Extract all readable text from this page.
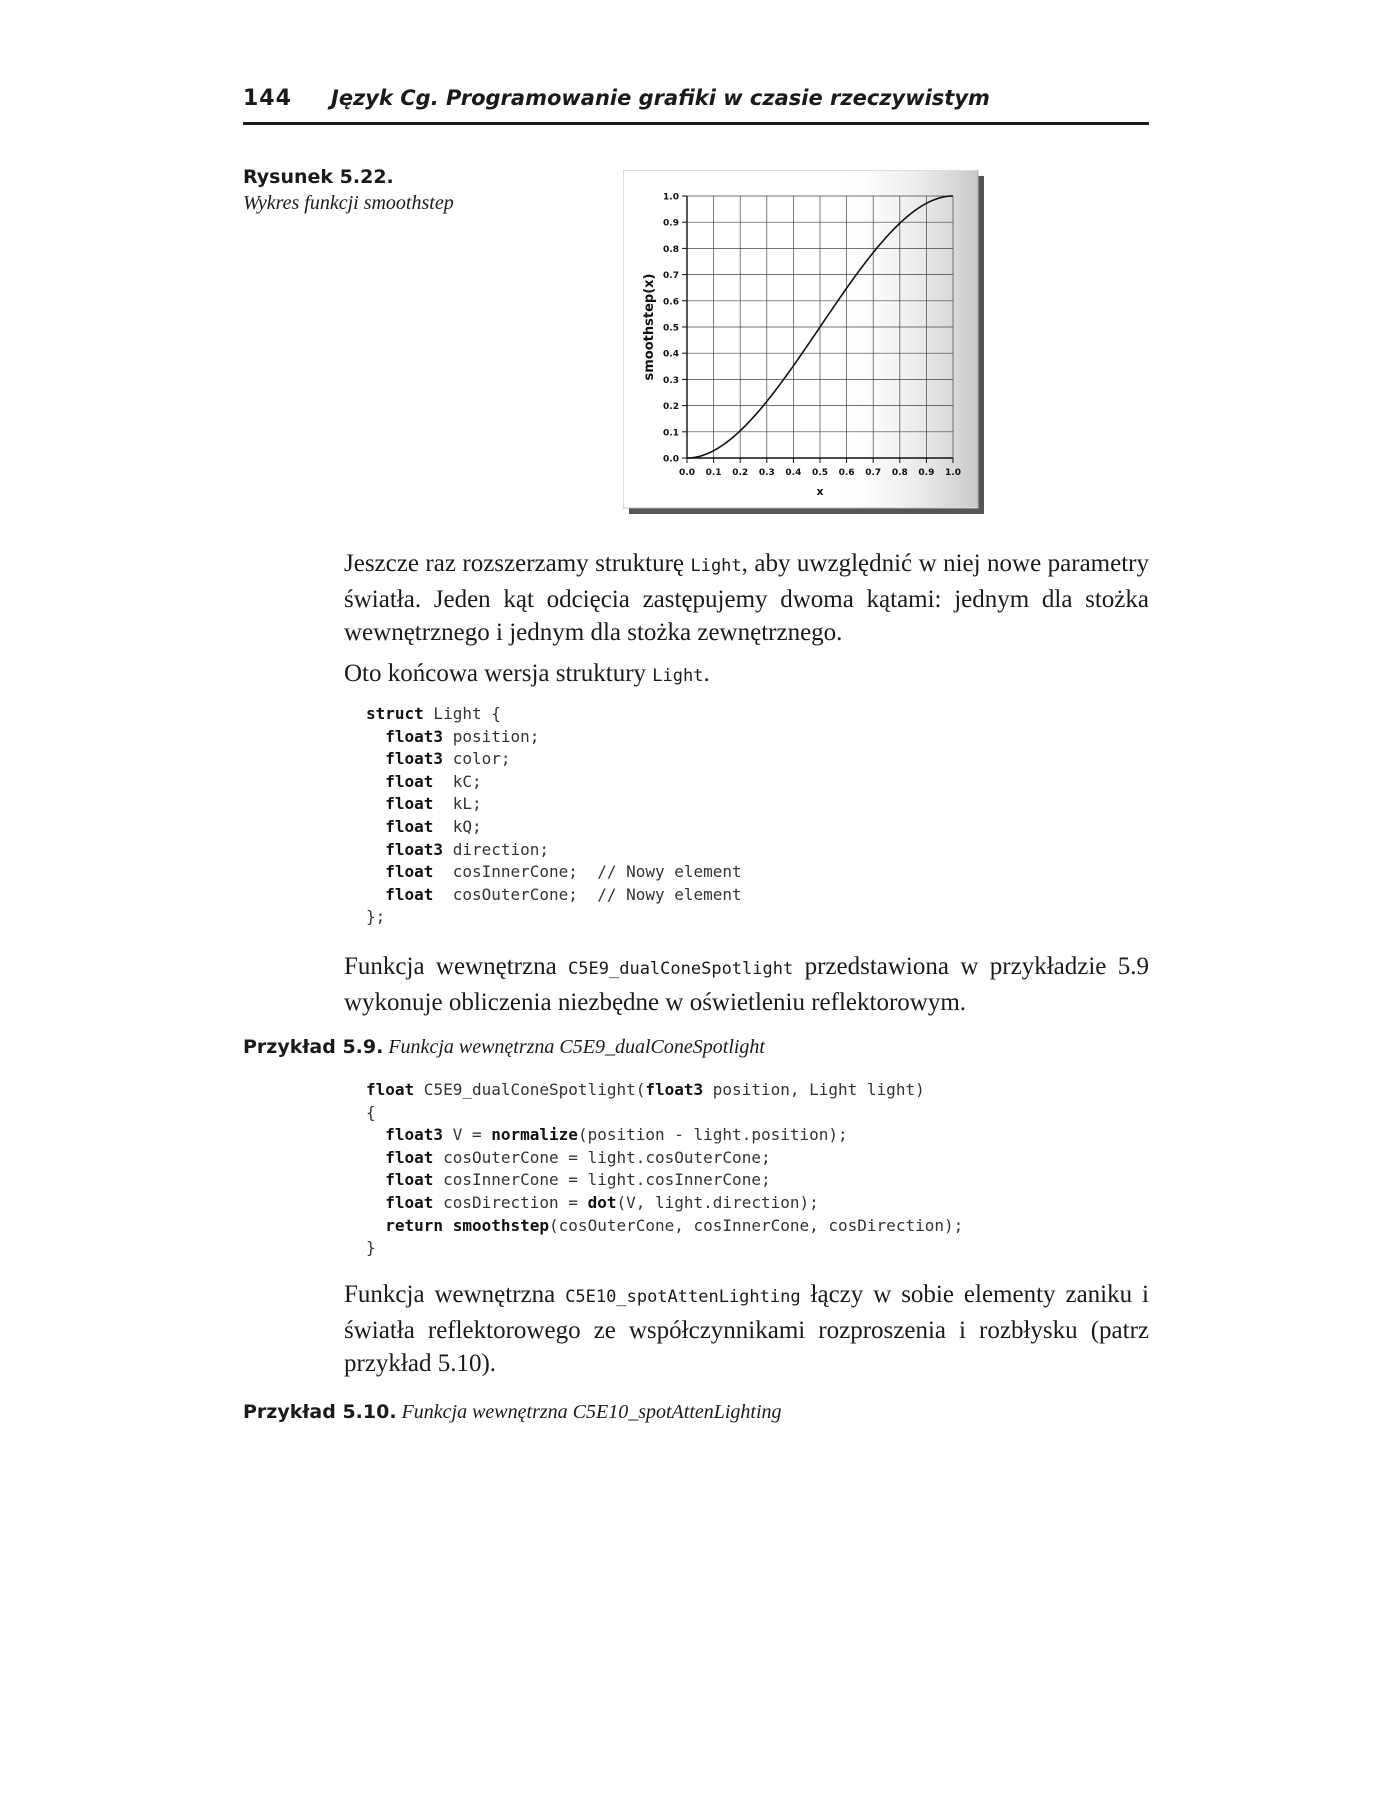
144 Język Cg. Programowanie grafiki w czasie rzeczywistym
Rysunek 5.22.
Wykres funkcji smoothstep
0.0
0.1
0.2
0.3
0.4
0.5
0.6
0.7
0.8
0.9
1.0
0.0 0.1 0.2 0.3 0.4 0.5 0.6 0.7 0.8 0.9 1.0
x
smoothstep(x)
Jeszcze raz rozszerzamy strukturę Light, aby uwzględnić w niej nowe parametry światła. Jeden kąt odcięcia zastępujemy dwoma kątami: jednym dla stożka wewnętrznego i jednym dla stożka zewnętrznego.
Oto końcowa wersja struktury Light.
struct Light {
float3 position;
float3 color;
float  kC;
float  kL;
float  kQ;
float3 direction;
float  cosInnerCone;  // Nowy element
float  cosOuterCone;  // Nowy element
};
Funkcja wewnętrzna C5E9_dualConeSpotlight przedstawiona w przykładzie 5.9 wykonuje obliczenia niezbędne w oświetleniu reflektorowym.
Przykład 5.9. Funkcja wewnętrzna C5E9_dualConeSpotlight
float C5E9_dualConeSpotlight(float3 position, Light light)
{
float3 V = normalize(position - light.position);
float cosOuterCone = light.cosOuterCone;
float cosInnerCone = light.cosInnerCone;
float cosDirection = dot(V, light.direction);
return smoothstep(cosOuterCone, cosInnerCone, cosDirection);
}
Funkcja wewnętrzna C5E10_spotAttenLighting łączy w sobie elementy zaniku i światła reflektorowego ze współczynnikami rozproszenia i rozbłysku (patrz przykład 5.10).
Przykład 5.10. Funkcja wewnętrzna C5E10_spotAttenLighting
